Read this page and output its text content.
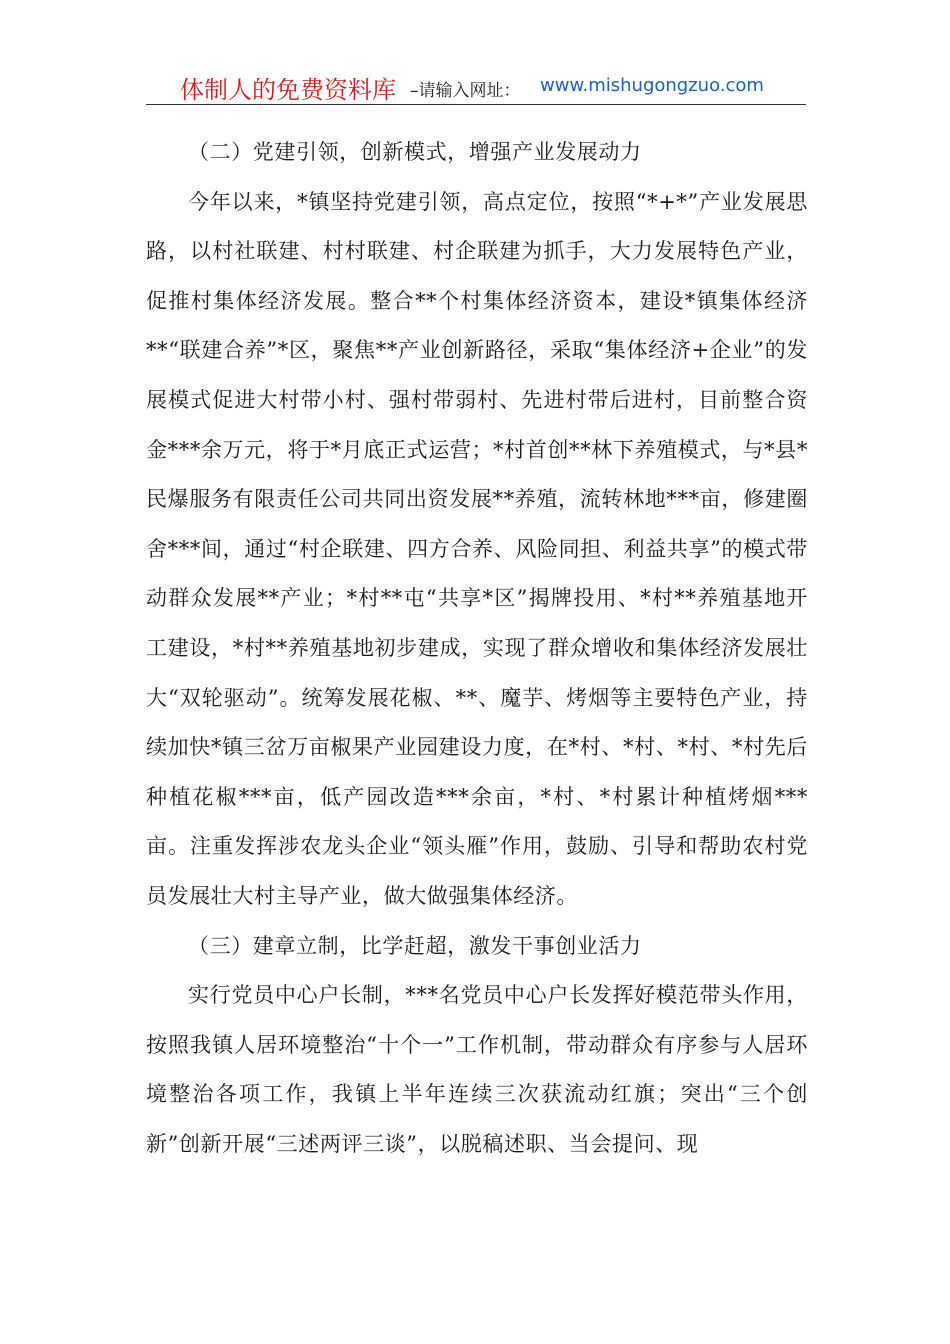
体制人的免费资料库 –请输入网址： www.mishugongzuo.com

（二）党建引领，创新模式，增强产业发展动力

今年以来，*镇坚持党建引领，高点定位，按照“*+*”产业发展思路，以村社联建、村村联建、村企联建为抓手，大力发展特色产业，促推村集体经济发展。整合**个村集体经济资本，建设*镇集体经济**“联建合养”*区，聚焦**产业创新路径，采取“集体经济+企业”的发展模式促进大村带小村、强村带弱村、先进村带后进村，目前整合资金***余万元，将于*月底正式运营；*村首创**林下养殖模式，与*县*民爆服务有限责任公司共同出资发展**养殖，流转林地***亩，修建圈舍***间，通过“村企联建、四方合养、风险同担、利益共享”的模式带动群众发展**产业；*村**屯“共享*区”揭牌投用、*村**养殖基地开工建设，*村**养殖基地初步建成，实现了群众增收和集体经济发展壮大“双轮驱动”。统筹发展花椒、**、魔芋、烤烟等主要特色产业，持续加快*镇三岔万亩椒果产业园建设力度，在*村、*村、*村、*村先后种植花椒***亩，低产园改造***余亩，*村、*村累计种植烤烟***亩。注重发挥涉农龙头企业“领头雁”作用，鼓励、引导和帮助农村党员发展壮大村主导产业，做大做强集体经济。

（三）建章立制，比学赶超，激发干事创业活力

实行党员中心户长制，***名党员中心户长发挥好模范带头作用，按照我镇人居环境整治“十个一”工作机制，带动群众有序参与人居环境整治各项工作，我镇上半年连续三次获流动红旗；突出“三个创新”创新开展“三述两评三谈”，以脱稿述职、当会提问、现
